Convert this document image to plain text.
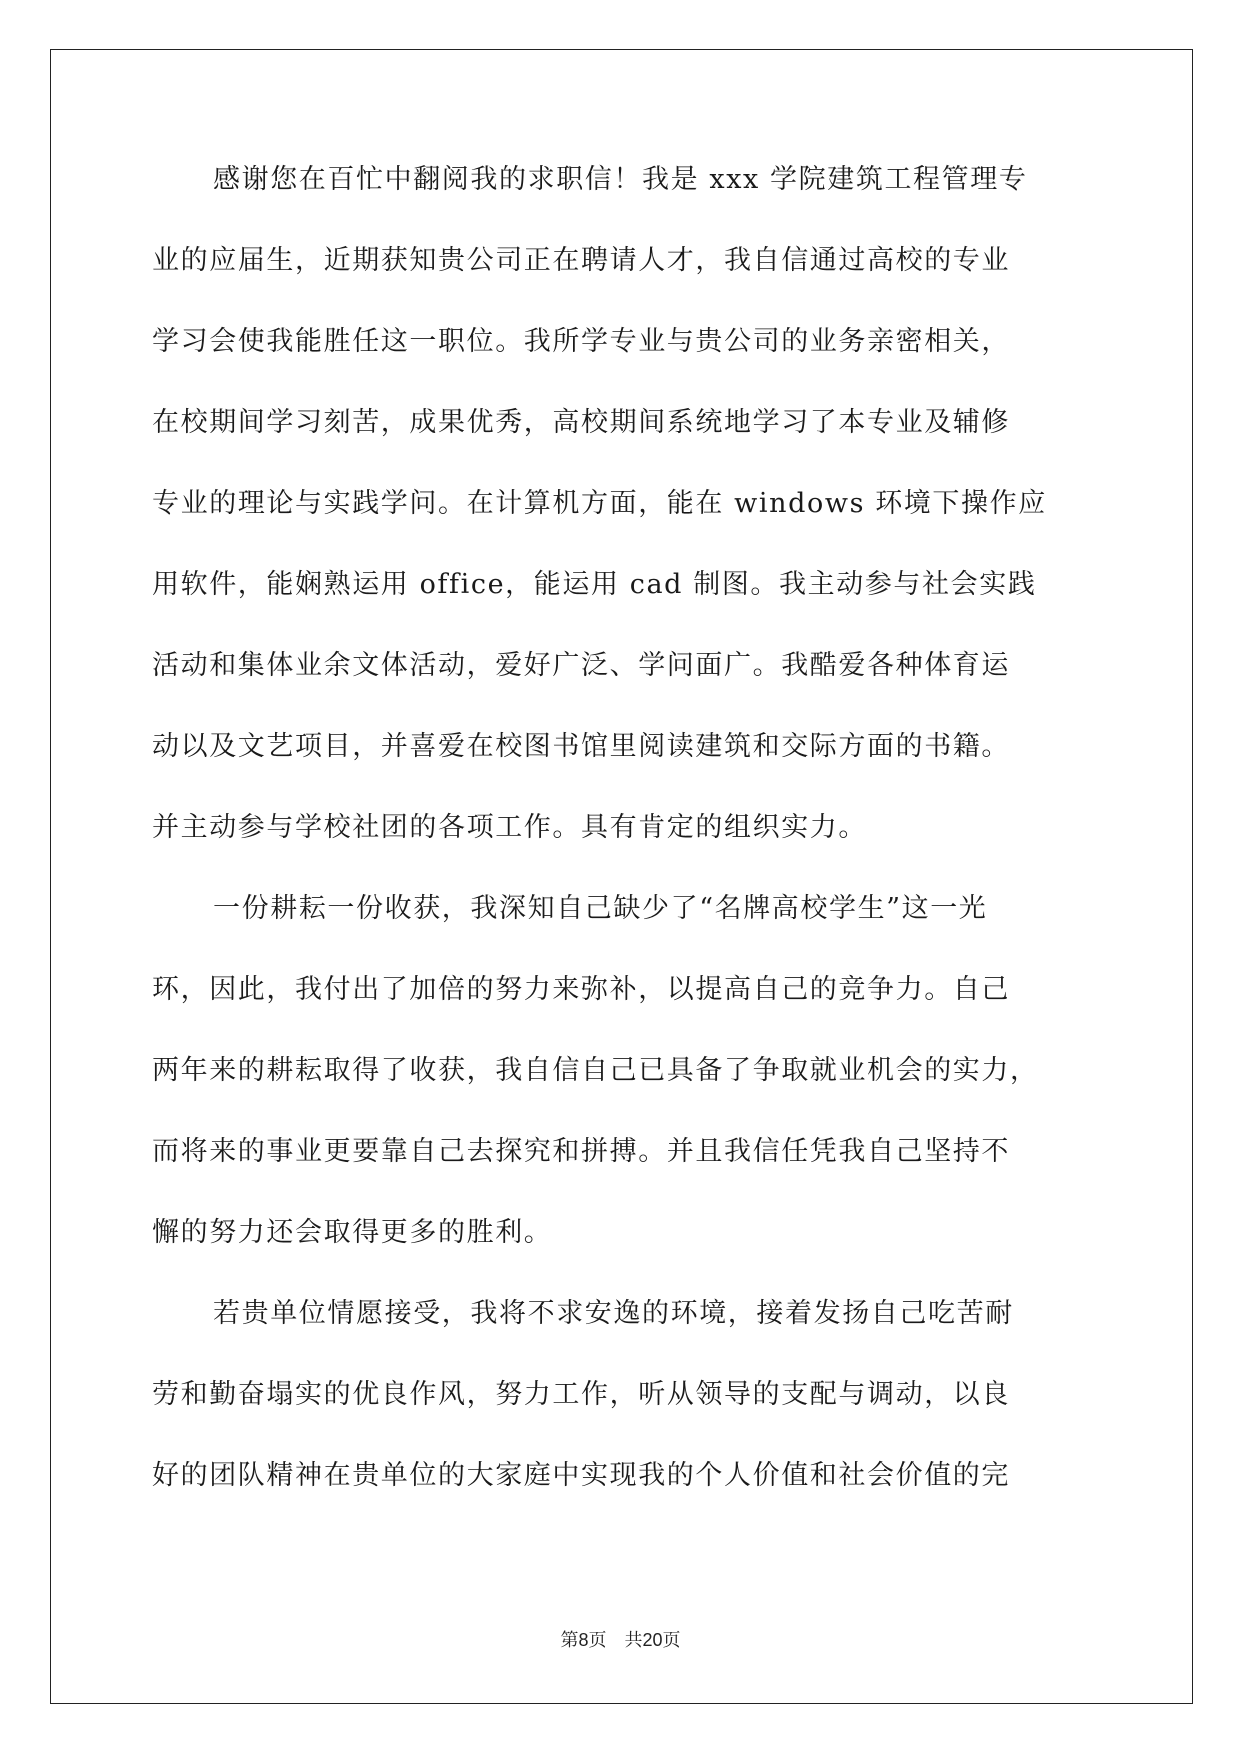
感谢您在百忙中翻阅我的求职信！我是 xxx 学院建筑工程管理专
业的应届生，近期获知贵公司正在聘请人才，我自信通过高校的专业
学习会使我能胜任这一职位。我所学专业与贵公司的业务亲密相关，
在校期间学习刻苦，成果优秀，高校期间系统地学习了本专业及辅修
专业的理论与实践学问。在计算机方面，能在 windows 环境下操作应
用软件，能娴熟运用 office，能运用 cad 制图。我主动参与社会实践
活动和集体业余文体活动，爱好广泛、学问面广。我酷爱各种体育运
动以及文艺项目，并喜爱在校图书馆里阅读建筑和交际方面的书籍。
并主动参与学校社团的各项工作。具有肯定的组织实力。
一份耕耘一份收获，我深知自己缺少了“名牌高校学生”这一光
环，因此，我付出了加倍的努力来弥补，以提高自己的竞争力。自己
两年来的耕耘取得了收获，我自信自己已具备了争取就业机会的实力，
而将来的事业更要靠自己去探究和拼搏。并且我信任凭我自己坚持不
懈的努力还会取得更多的胜利。
若贵单位情愿接受，我将不求安逸的环境，接着发扬自己吃苦耐
劳和勤奋塌实的优良作风，努力工作，听从领导的支配与调动，以良
好的团队精神在贵单位的大家庭中实现我的个人价值和社会价值的完
第8页　共20页
